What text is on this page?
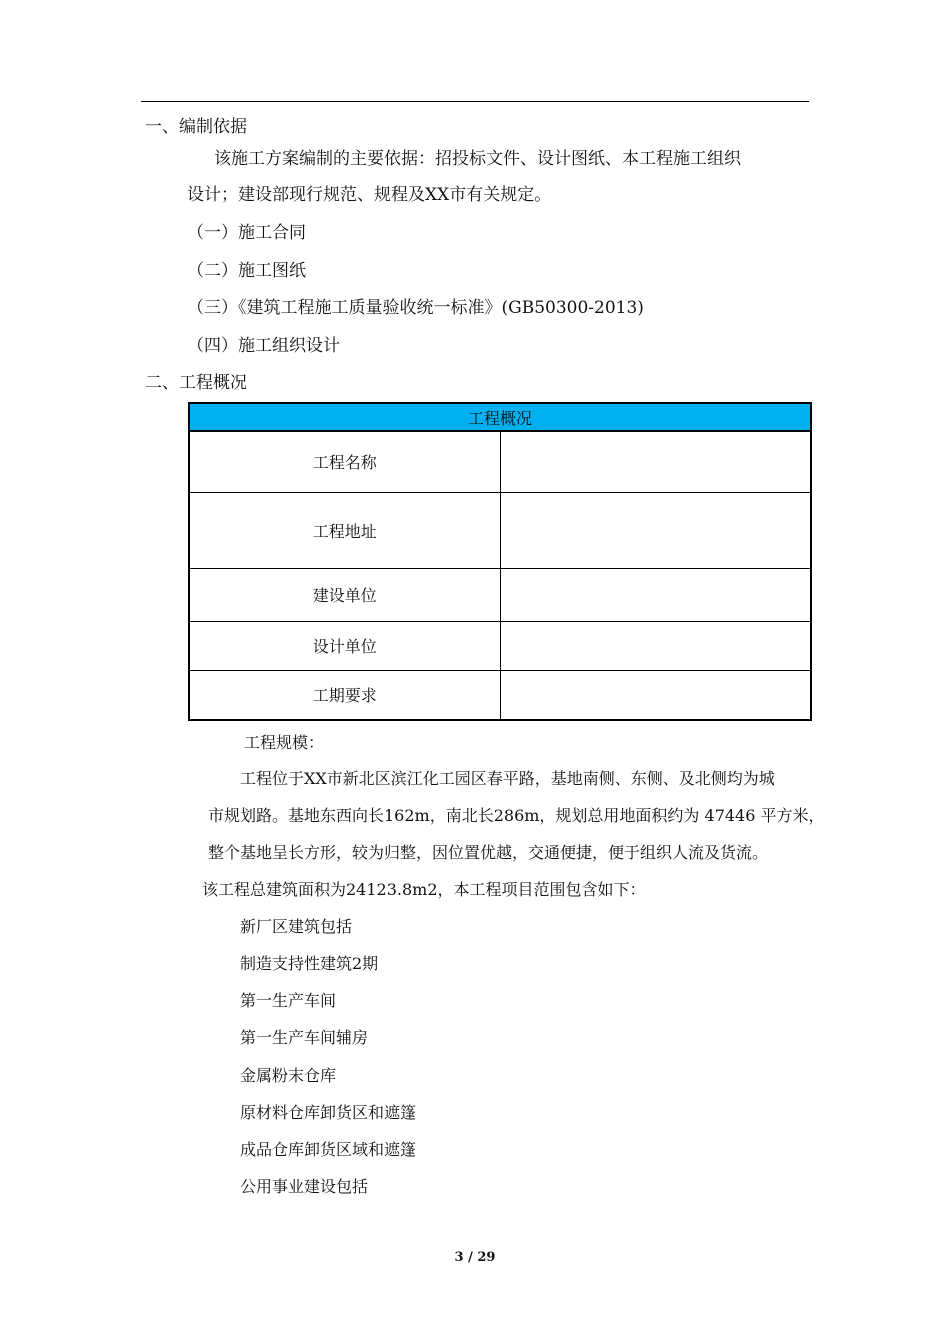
一、编制依据
该施工方案编制的主要依据：招投标文件、设计图纸、本工程施工组织
设计；建设部现行规范、规程及XX市有关规定。
（一）施工合同
（二）施工图纸
（三）《建筑工程施工质量验收统一标准》(GB50300-2013)
（四）施工组织设计
二、工程概况
工程概况	
工程名称	
工程地址	
建设单位	
设计单位	
工期要求	
工程规模：
工程位于XX市新北区滨江化工园区春平路，基地南侧、东侧、及北侧均为城
市规划路。基地东西向长162m，南北长286m，规划总用地面积约为 47446 平方米，
整个基地呈长方形，较为归整，因位置优越，交通便捷，便于组织人流及货流。
该工程总建筑面积为24123.8m2，本工程项目范围包含如下：
新厂区建筑包括
制造支持性建筑2期
第一生产车间
第一生产车间辅房
金属粉末仓库
原材料仓库卸货区和遮篷
成品仓库卸货区域和遮篷
公用事业建设包括
3 / 29
